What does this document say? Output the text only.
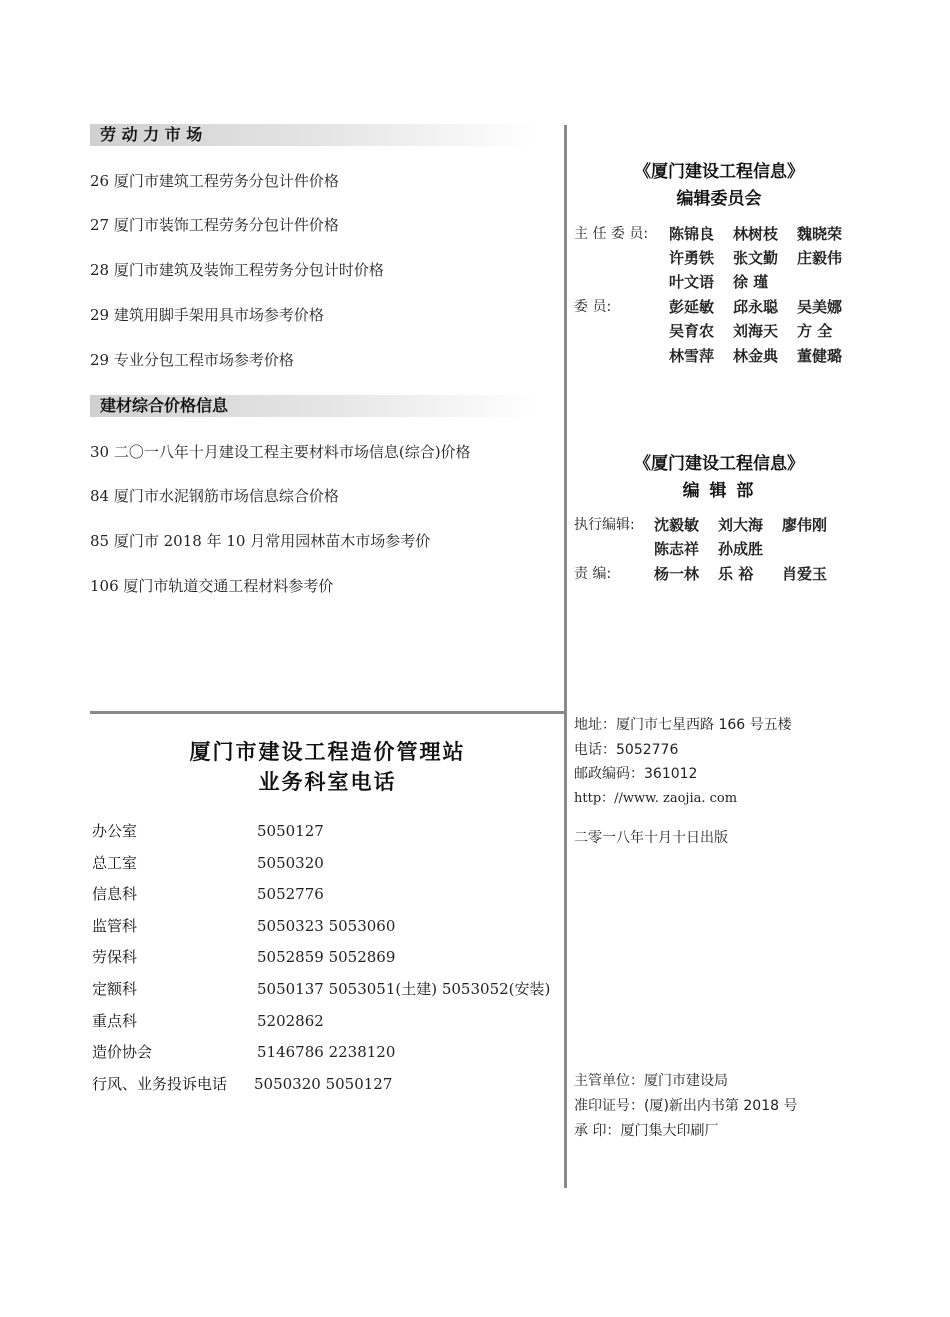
劳 动 力 市 场
26 厦门市建筑工程劳务分包计件价格
27 厦门市装饰工程劳务分包计件价格
28 厦门市建筑及装饰工程劳务分包计时价格
29 建筑用脚手架用具市场参考价格
29 专业分包工程市场参考价格
建材综合价格信息
30 二〇一八年十月建设工程主要材料市场信息(综合)价格
84 厦门市水泥钢筋市场信息综合价格
85 厦门市 2018 年 10 月常用园林苗木市场参考价
106 厦门市轨道交通工程材料参考价
厦门市建设工程造价管理站
业务科室电话
办公室	5050127
总工室	5050320
信息科	5052776
监管科	5050323 5053060
劳保科	5052859 5052869
定额科	5050137 5053051(土建) 5053052(安装)
重点科	5202862
造价协会	5146786 2238120
行风、业务投诉电话 5050320 5050127
《厦门建设工程信息》
编辑委员会
主 任 委 员: 陈锦良 林树枝 魏晓荣
许勇铁 张文勤 庄毅伟
叶文语 徐 瑾
委 员:	彭延敏 邱永聪 吴美娜
吴育农 刘海天 方 全
林雪萍 林金典 董健璐
《厦门建设工程信息》
编 辑 部
执行编辑: 沈毅敏 刘大海 廖伟刚
陈志祥 孙成胜
责 编:	杨一林 乐 裕 肖爱玉
地址：厦门市七星西路 166 号五楼
电话：5052776
邮政编码：361012
http：//www. zaojia. com
二零一八年十月十日出版
主管单位：厦门市建设局
准印证号：(厦)新出内书第 2018 号
承 印：厦门集大印刷厂
